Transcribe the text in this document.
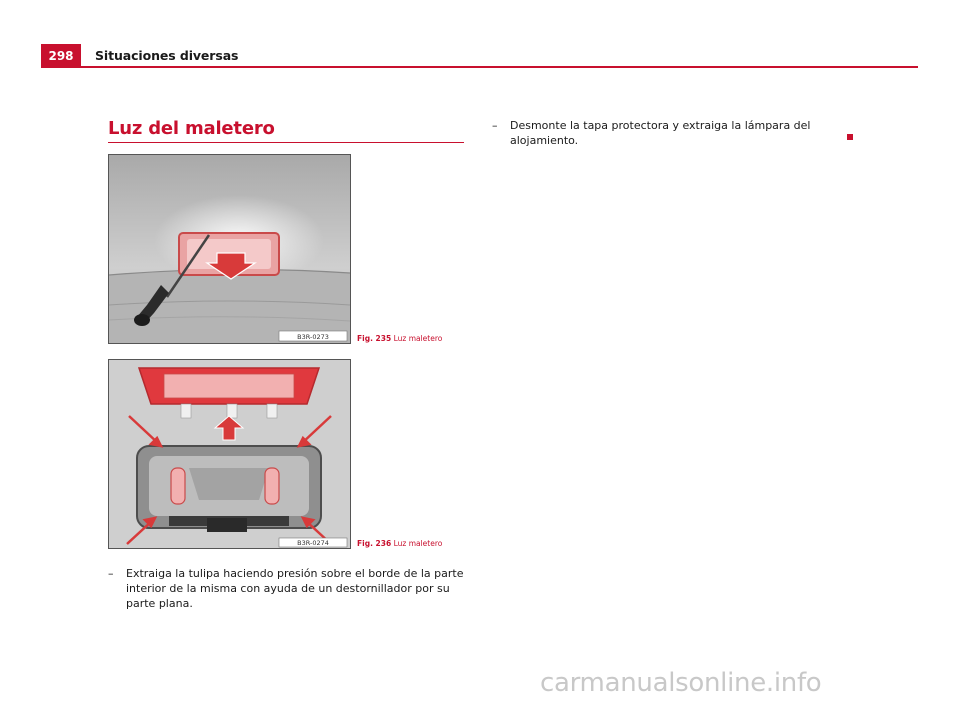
298	Situaciones diversas
Luz del maletero
B3R-0273	Fig. 235 Luz maletero
B3R-0274	Fig. 236 Luz maletero
–	Extraiga la tulipa haciendo presión sobre el borde de la parte interior de la misma con ayuda de un destornillador por su parte plana.
–	Desmonte la tapa protectora y extraiga la lámpara del alojamiento.
carmanualsonline.info
